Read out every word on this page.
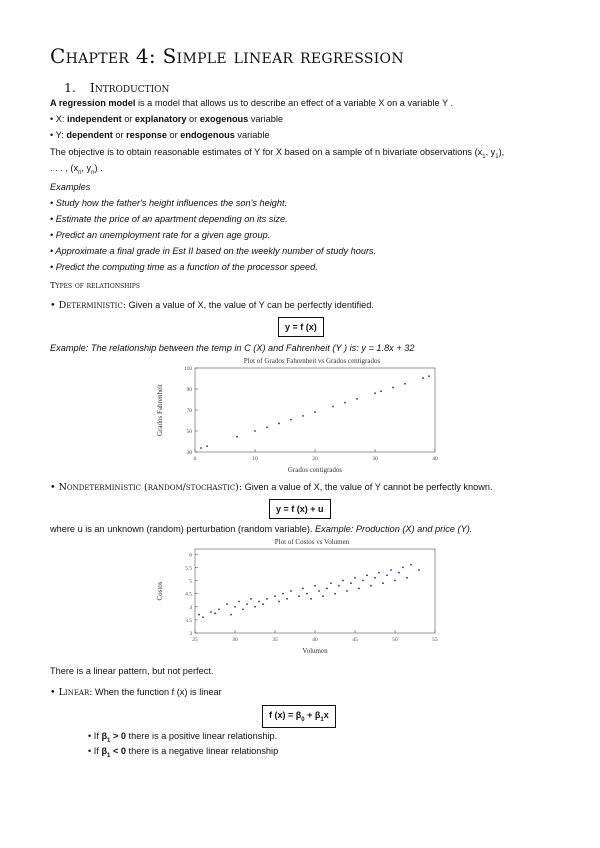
Chapter 4: Simple linear regression
1. Introduction
A regression model is a model that allows us to describe an effect of a variable X on a variable Y .
• X: independent or explanatory or exogenous variable
• Y: dependent or response or endogenous variable
The objective is to obtain reasonable estimates of Y for X based on a sample of n bivariate observations ($x_1$, $y_1$),
. . . , ($x_n$, $y_n$) .
Examples
• Study how the father's height influences the son's height.
• Estimate the price of an apartment depending on its size.
• Predict an unemployment rate for a given age group.
• Approximate a final grade in Est II based on the weekly number of study hours.
• Predict the computing time as a function of the processor speed.
Types of relationships
• Deterministic: Given a value of X, the value of Y can be perfectly identified.
y = f (x)
Example: The relationship between the temp in C (X) and Fahrenheit (Y ) is: y = 1.8x + 32
Plot of Grados Fahrenheit vs Grados centigrados
0	10	20	30	40
30
50
70
90
110
Grados centigrados
Grados Fahrenheit
• Nondeterministic (random/stochastic): Given a value of X, the value of Y cannot be perfectly known.
y = f (x) + u
where u is an unknown (random) perturbation (random variable). Example: Production (X) and price (Y).
Plot of Costos vs Volumen
25	30	35	40	45	50	55
3
3.5
4
4.5
5
5.5
6
Volumen
Costos
There is a linear pattern, but not perfect.
• Linear: When the function f (x) is linear
f $(x) = \beta_0 + \beta_1x$
• If $\beta_1 > 0$ there is a positive linear relationship.
• If $\beta_1 < 0$ there is a negative linear relationship
